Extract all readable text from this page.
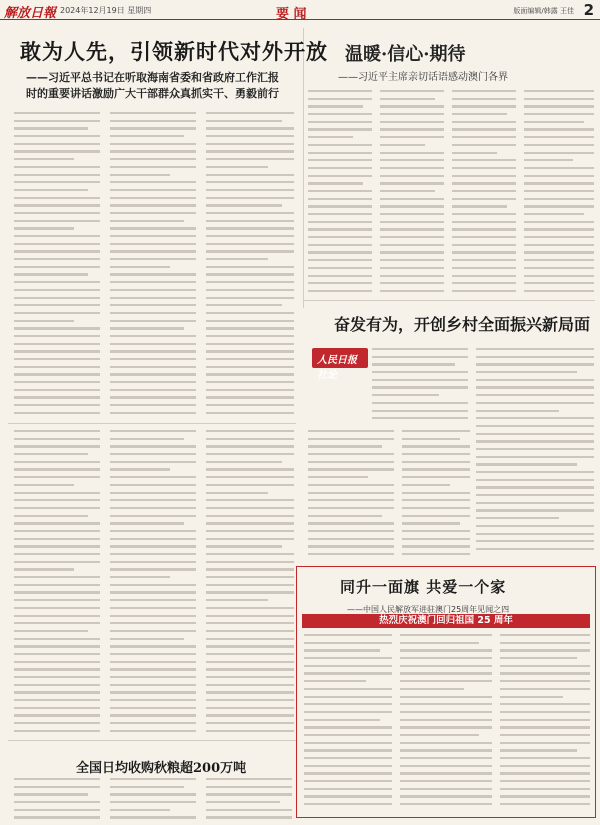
解放日報 2024年12月19日 星期四	要 闻	版面编辑/韩露 王佳 2
敢为人先，引领新时代对外开放
——习近平总书记在听取海南省委和省政府工作汇报时的重要讲话激励广大干部群众真抓实干、勇毅前行
温暖·信心·期待
——习近平主席亲切话语感动澳门各界
奋发有为，开创乡村全面振兴新局面
人民日报社论
同升一面旗 共爱一个家
——中国人民解放军进驻澳门25周年见闻之四
热烈庆祝澳门回归祖国 25 周年
全国日均收购秋粮超200万吨
